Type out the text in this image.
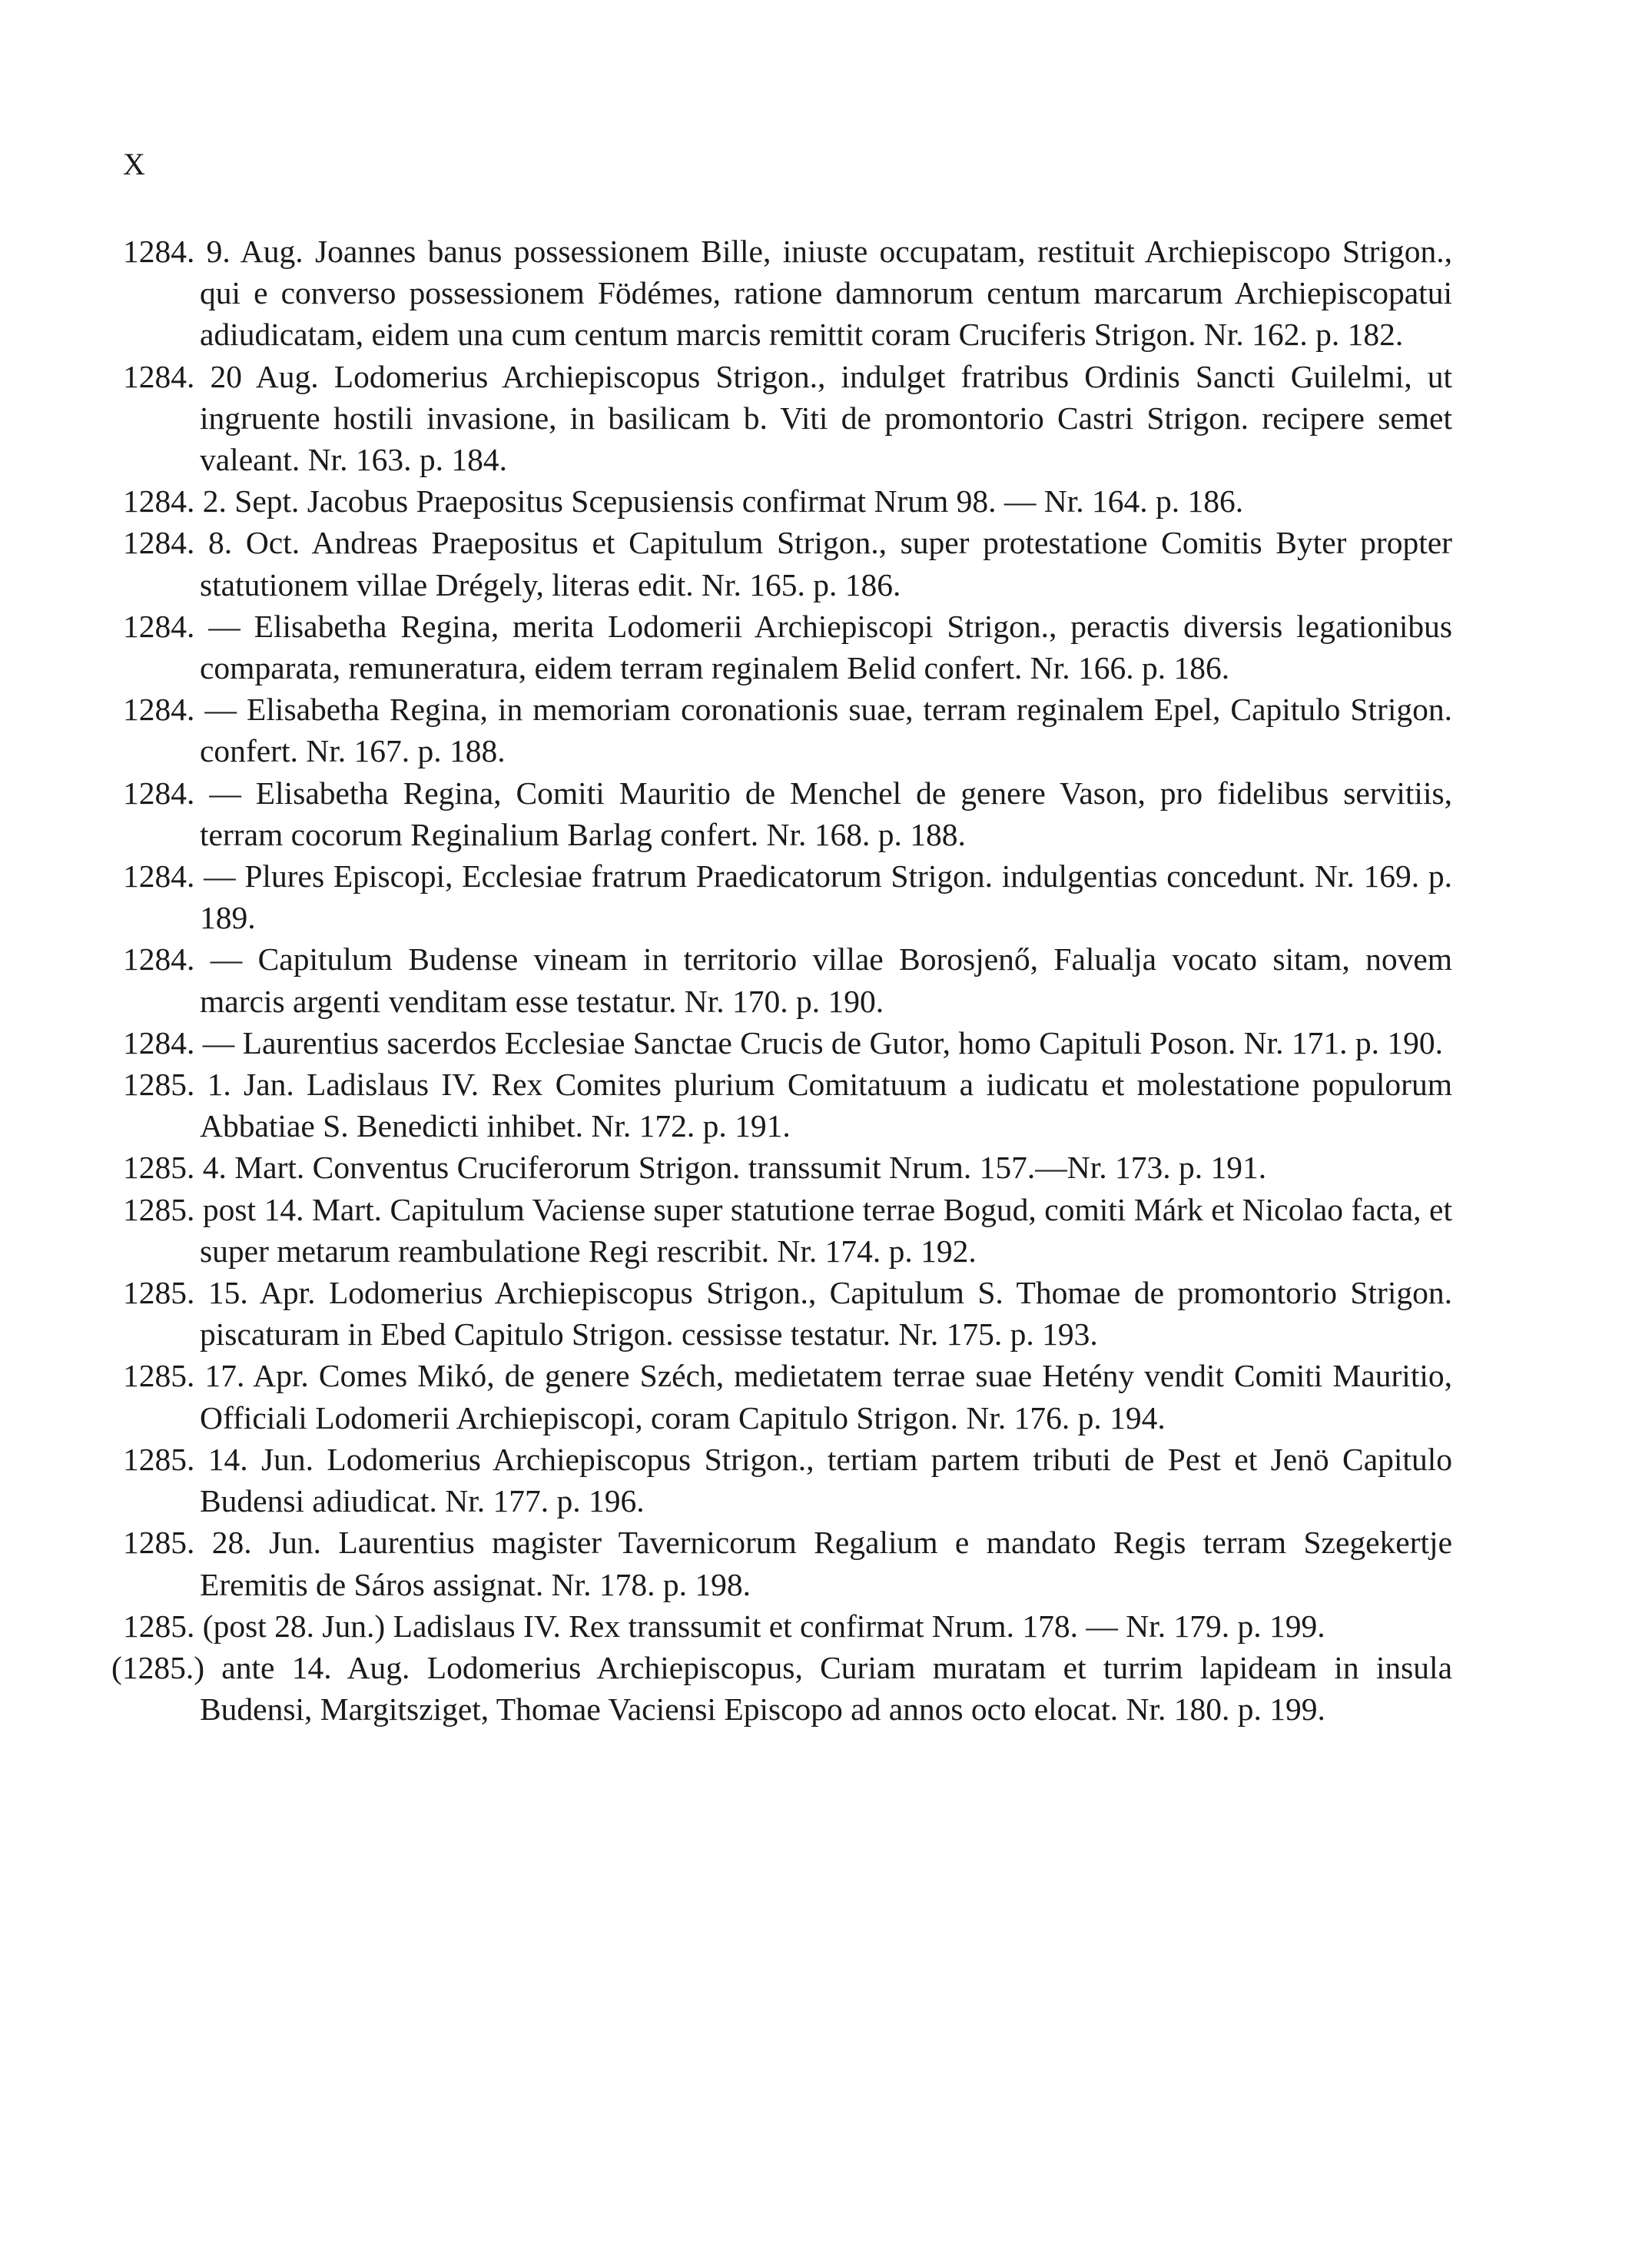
X

1284. 9. Aug. Joannes banus possessionem Bille, iniuste occupatam, restituit Archiepiscopo Strigon., qui e converso possessionem Födémes, ratione damnorum centum marcarum Archiepiscopatui adiudicatam, eidem una cum centum marcis remittit coram Cruciferis Strigon. Nr. 162. p. 182.

1284. 20 Aug. Lodomerius Archiepiscopus Strigon., indulget fratribus Ordinis Sancti Guilelmi, ut ingruente hostili invasione, in basilicam b. Viti de promontorio Castri Strigon. recipere semet valeant. Nr. 163. p. 184.

1284. 2. Sept. Jacobus Praepositus Scepusiensis confirmat Nrum 98. — Nr. 164. p. 186.

1284. 8. Oct. Andreas Praepositus et Capitulum Strigon., super protestatione Comitis Byter propter statutionem villae Drégely, literas edit. Nr. 165. p. 186.

1284. — Elisabetha Regina, merita Lodomerii Archiepiscopi Strigon., peractis diversis legationibus comparata, remuneratura, eidem terram reginalem Belid confert. Nr. 166. p. 186.

1284. — Elisabetha Regina, in memoriam coronationis suae, terram reginalem Epel, Capitulo Strigon. confert. Nr. 167. p. 188.

1284. — Elisabetha Regina, Comiti Mauritio de Menchel de genere Vason, pro fidelibus servitiis, terram cocorum Reginalium Barlag confert. Nr. 168. p. 188.

1284. — Plures Episcopi, Ecclesiae fratrum Praedicatorum Strigon. indulgentias concedunt. Nr. 169. p. 189.

1284. — Capitulum Budense vineam in territorio villae Borosjenő, Falualja vocato sitam, novem marcis argenti venditam esse testatur. Nr. 170. p. 190.

1284. — Laurentius sacerdos Ecclesiae Sanctae Crucis de Gutor, homo Capituli Poson. Nr. 171. p. 190.

1285. 1. Jan. Ladislaus IV. Rex Comites plurium Comitatuum a iudicatu et molestatione populorum Abbatiae S. Benedicti inhibet. Nr. 172. p. 191.

1285. 4. Mart. Conventus Cruciferorum Strigon. transsumit Nrum. 157.—Nr. 173. p. 191.

1285. post 14. Mart. Capitulum Vaciense super statutione terrae Bogud, comiti Márk et Nicolao facta, et super metarum reambulatione Regi rescribit. Nr. 174. p. 192.

1285. 15. Apr. Lodomerius Archiepiscopus Strigon., Capitulum S. Thomae de promontorio Strigon. piscaturam in Ebed Capitulo Strigon. cessisse testatur. Nr. 175. p. 193.

1285. 17. Apr. Comes Mikó, de genere Széch, medietatem terrae suae Hetény vendit Comiti Mauritio, Officiali Lodomerii Archiepiscopi, coram Capitulo Strigon. Nr. 176. p. 194.

1285. 14. Jun. Lodomerius Archiepiscopus Strigon., tertiam partem tributi de Pest et Jenö Capitulo Budensi adiudicat. Nr. 177. p. 196.

1285. 28. Jun. Laurentius magister Tavernicorum Regalium e mandato Regis terram Szegekertje Eremitis de Sáros assignat. Nr. 178. p. 198.

1285. (post 28. Jun.) Ladislaus IV. Rex transsumit et confirmat Nrum. 178. — Nr. 179. p. 199.

(1285.) ante 14. Aug. Lodomerius Archiepiscopus, Curiam muratam et turrim lapideam in insula Budensi, Margitsziget, Thomae Vaciensi Episcopo ad annos octo elocat. Nr. 180. p. 199.
